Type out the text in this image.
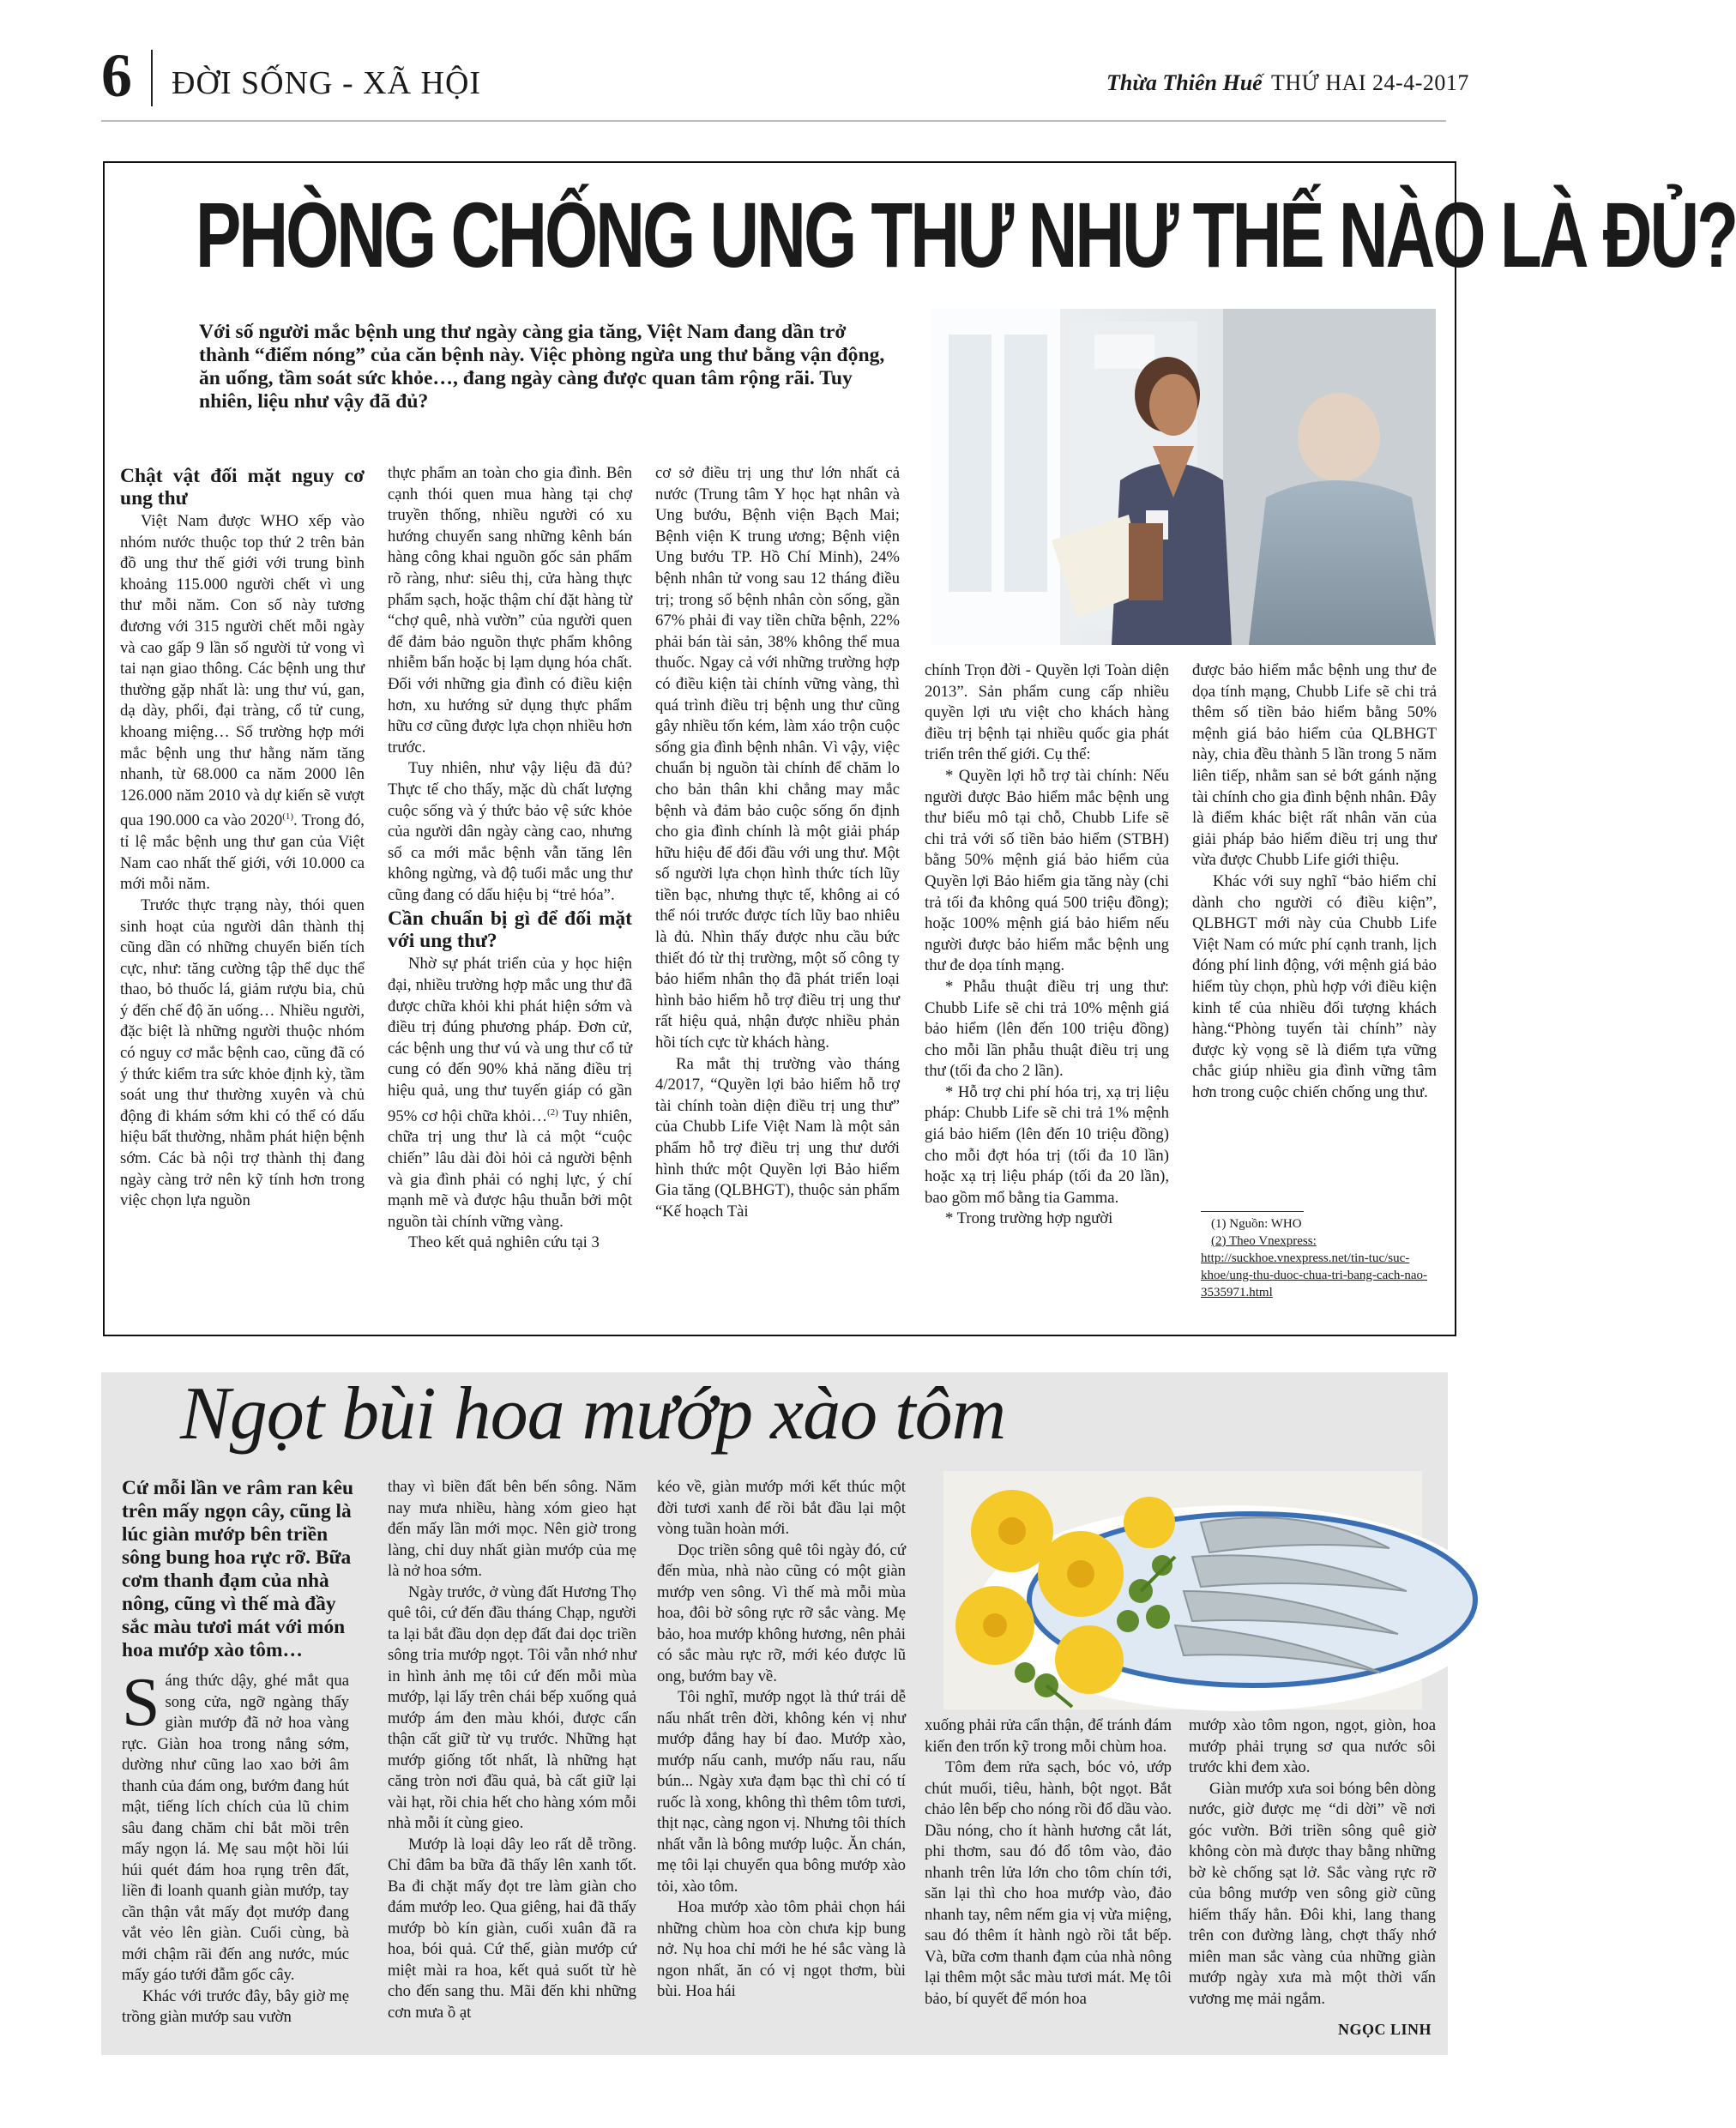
6 ĐỜI SỐNG - XÃ HỘI	Thừa Thiên Huế THỨ HAI 24-4-2017
PHÒNG CHỐNG UNG THƯ NHƯ THẾ NÀO LÀ ĐỦ?
Với số người mắc bệnh ung thư ngày càng gia tăng, Việt Nam đang dần trở thành “điểm nóng” của căn bệnh này. Việc phòng ngừa ung thư bằng vận động, ăn uống, tầm soát sức khỏe…, đang ngày càng được quan tâm rộng rãi. Tuy nhiên, liệu như vậy đã đủ?
Chật vật đối mặt nguy cơ ung thư

Việt Nam được WHO xếp vào nhóm nước thuộc top thứ 2 trên bản đồ ung thư thế giới với trung bình khoảng 115.000 người chết vì ung thư mỗi năm. Con số này tương đương với 315 người chết mỗi ngày và cao gấp 9 lần số người tử vong vì tai nạn giao thông. Các bệnh ung thư thường gặp nhất là: ung thư vú, gan, dạ dày, phổi, đại tràng, cổ tử cung, khoang miệng… Số trường hợp mới mắc bệnh ung thư hằng năm tăng nhanh, từ 68.000 ca năm 2000 lên 126.000 năm 2010 và dự kiến sẽ vượt qua 190.000 ca vào 2020$^{(1)}$. Trong đó, tỉ lệ mắc bệnh ung thư gan của Việt Nam cao nhất thế giới, với 10.000 ca mới mỗi năm.

Trước thực trạng này, thói quen sinh hoạt của người dân thành thị cũng dần có những chuyển biến tích cực, như: tăng cường tập thể dục thể thao, bỏ thuốc lá, giảm rượu bia, chủ ý đến chế độ ăn uống… Nhiều người, đặc biệt là những người thuộc nhóm có nguy cơ mắc bệnh cao, cũng đã có ý thức kiểm tra sức khỏe định kỳ, tầm soát ung thư thường xuyên và chủ động đi khám sớm khi có thể có dấu hiệu bất thường, nhằm phát hiện bệnh sớm. Các bà nội trợ thành thị đang ngày càng trở nên kỹ tính hơn trong việc chọn lựa nguồn

thực phẩm an toàn cho gia đình. Bên cạnh thói quen mua hàng tại chợ truyền thống, nhiều người có xu hướng chuyển sang những kênh bán hàng công khai nguồn gốc sản phẩm rõ ràng, như: siêu thị, cửa hàng thực phẩm sạch, hoặc thậm chí đặt hàng từ “chợ quê, nhà vườn” của người quen để đảm bảo nguồn thực phẩm không nhiễm bẩn hoặc bị lạm dụng hóa chất. Đối với những gia đình có điều kiện hơn, xu hướng sử dụng thực phẩm hữu cơ cũng được lựa chọn nhiều hơn trước.

Tuy nhiên, như vậy liệu đã đủ? Thực tế cho thấy, mặc dù chất lượng cuộc sống và ý thức bảo vệ sức khỏe của người dân ngày càng cao, nhưng số ca mới mắc bệnh vẫn tăng lên không ngừng, và độ tuổi mắc ung thư cũng đang có dấu hiệu bị “trẻ hóa”.

Cần chuẩn bị gì để đối mặt với ung thư?

Nhờ sự phát triển của y học hiện đại, nhiều trường hợp mắc ung thư đã được chữa khỏi khi phát hiện sớm và điều trị đúng phương pháp. Đơn cử, các bệnh ung thư vú và ung thư cổ tử cung có đến 90% khả năng điều trị hiệu quả, ung thư tuyến giáp có gần 95% cơ hội chữa khỏi…$^{(2)}$ Tuy nhiên, chữa trị ung thư là cả một “cuộc chiến” lâu dài đòi hỏi cả người bệnh và gia đình phải có nghị lực, ý chí mạnh mẽ và được hậu thuẫn bởi một nguồn tài chính vững vàng.

Theo kết quả nghiên cứu tại 3

cơ sở điều trị ung thư lớn nhất cả nước (Trung tâm Y học hạt nhân và Ung bướu, Bệnh viện Bạch Mai; Bệnh viện K trung ương; Bệnh viện Ung bướu TP. Hồ Chí Minh), 24% bệnh nhân tử vong sau 12 tháng điều trị; trong số bệnh nhân còn sống, gần 67% phải đi vay tiền chữa bệnh, 22% phải bán tài sản, 38% không thể mua thuốc. Ngay cả với những trường hợp có điều kiện tài chính vững vàng, thì quá trình điều trị bệnh ung thư cũng gây nhiều tốn kém, làm xáo trộn cuộc sống gia đình bệnh nhân. Vì vậy, việc chuẩn bị nguồn tài chính để chăm lo cho bản thân khi chẳng may mắc bệnh và đảm bảo cuộc sống ổn định cho gia đình chính là một giải pháp hữu hiệu để đối đầu với ung thư. Một số người lựa chọn hình thức tích lũy tiền bạc, nhưng thực tế, không ai có thể nói trước được tích lũy bao nhiêu là đủ. Nhìn thấy được nhu cầu bức thiết đó từ thị trường, một số công ty bảo hiểm nhân thọ đã phát triển loại hình bảo hiểm hỗ trợ điều trị ung thư rất hiệu quả, nhận được nhiều phản hồi tích cực từ khách hàng.

Ra mắt thị trường vào tháng 4/2017, “Quyền lợi bảo hiểm hỗ trợ tài chính toàn diện điều trị ung thư” của Chubb Life Việt Nam là một sản phẩm hỗ trợ điều trị ung thư dưới hình thức một Quyền lợi Bảo hiểm Gia tăng (QLBHGT), thuộc sản phẩm “Kế hoạch Tài

chính Trọn đời - Quyền lợi Toàn diện 2013”. Sản phẩm cung cấp nhiều quyền lợi ưu việt cho khách hàng điều trị bệnh tại nhiều quốc gia phát triển trên thế giới. Cụ thể:

* Quyền lợi hỗ trợ tài chính: Nếu người được Bảo hiểm mắc bệnh ung thư biểu mô tại chỗ, Chubb Life sẽ chi trả với số tiền bảo hiểm (STBH) bằng 50% mệnh giá bảo hiểm của Quyền lợi Bảo hiểm gia tăng này (chi trả tối đa không quá 500 triệu đồng); hoặc 100% mệnh giá bảo hiểm nếu người được bảo hiểm mắc bệnh ung thư đe dọa tính mạng.

* Phẫu thuật điều trị ung thư: Chubb Life sẽ chi trả 10% mệnh giá bảo hiểm (lên đến 100 triệu đồng) cho mỗi lần phẫu thuật điều trị ung thư (tối đa cho 2 lần).

* Hỗ trợ chi phí hóa trị, xạ trị liệu pháp: Chubb Life sẽ chi trả 1% mệnh giá bảo hiểm (lên đến 10 triệu đồng) cho mỗi đợt hóa trị (tối đa 10 lần) hoặc xạ trị liệu pháp (tối đa 20 lần), bao gồm mổ bằng tia Gamma.

* Trong trường hợp người

được bảo hiểm mắc bệnh ung thư đe dọa tính mạng, Chubb Life sẽ chi trả thêm số tiền bảo hiểm bằng 50% mệnh giá bảo hiểm của QLBHGT này, chia đều thành 5 lần trong 5 năm liên tiếp, nhằm san sẻ bớt gánh nặng tài chính cho gia đình bệnh nhân. Đây là điểm khác biệt rất nhân văn của giải pháp bảo hiểm điều trị ung thư vừa được Chubb Life giới thiệu.

Khác với suy nghĩ “bảo hiểm chỉ dành cho người có điều kiện”, QLBHGT mới này của Chubb Life Việt Nam có mức phí cạnh tranh, lịch đóng phí linh động, với mệnh giá bảo hiểm tùy chọn, phù hợp với điều kiện kinh tế của nhiều đối tượng khách hàng.“Phòng tuyến tài chính” này được kỳ vọng sẽ là điểm tựa vững chắc giúp nhiều gia đình vững tâm hơn trong cuộc chiến chống ung thư.

(1) Nguồn: WHO

(2) Theo Vnexpress: http://suckhoe.vnexpress.net/tin-tuc/suc-khoe/ung-thu-duoc-chua-tri-bang-cach-nao-3535971.html

Ngọt bùi hoa mướp xào tôm
Cứ mỗi lần ve râm ran kêu trên mấy ngọn cây, cũng là lúc giàn mướp bên triền sông bung hoa rực rỡ. Bữa cơm thanh đạm của nhà nông, cũng vì thế mà đầy sắc màu tươi mát với món hoa mướp xào tôm…

Sáng thức dậy, ghé mắt qua song cửa, ngỡ ngàng thấy giàn mướp đã nở hoa vàng rực. Giàn hoa trong nắng sớm, dường như cũng lao xao bởi âm thanh của đám ong, bướm đang hút mật, tiếng lích chích của lũ chim sâu đang chăm chỉ bắt mồi trên mấy ngọn lá. Mẹ sau một hồi lúi húi quét đám hoa rụng trên đất, liền đi loanh quanh giàn mướp, tay cần thận vắt mấy đọt mướp đang vắt vẻo lên giàn. Cuối cùng, bà mới chậm rãi đến ang nước, múc mấy gáo tưới đẫm gốc cây.

Khác với trước đây, bây giờ mẹ trồng giàn mướp sau vườn

thay vì biền đất bên bến sông. Năm nay mưa nhiều, hàng xóm gieo hạt đến mấy lần mới mọc. Nên giờ trong làng, chỉ duy nhất giàn mướp của mẹ là nở hoa sớm.

Ngày trước, ở vùng đất Hương Thọ quê tôi, cứ đến đầu tháng Chạp, người ta lại bắt đầu dọn dẹp đất đai dọc triền sông trỉa mướp ngọt. Tôi vẫn nhớ như in hình ảnh mẹ tôi cứ đến mỗi mùa mướp, lại lấy trên chái bếp xuống quả mướp ám đen màu khói, được cẩn thận cất giữ từ vụ trước. Những hạt mướp giống tốt nhất, là những hạt căng tròn nơi đầu quả, bà cất giữ lại vài hạt, rồi chia hết cho hàng xóm mỗi nhà mỗi ít cùng gieo.

Mướp là loại dây leo rất dễ trồng. Chỉ đâm ba bữa đã thấy lên xanh tốt. Ba đi chặt mấy đọt tre làm giàn cho đám mướp leo. Qua giêng, hai đã thấy mướp bò kín giàn, cuối xuân đã ra hoa, bói quả. Cứ thế, giàn mướp cứ miệt mài ra hoa, kết quả suốt từ hè cho đến sang thu. Mãi đến khi những cơn mưa ồ ạt

kéo về, giàn mướp mới kết thúc một đời tươi xanh để rồi bắt đầu lại một vòng tuần hoàn mới.

Dọc triền sông quê tôi ngày đó, cứ đến mùa, nhà nào cũng có một giàn mướp ven sông. Vì thế mà mỗi mùa hoa, đôi bờ sông rực rỡ sắc vàng. Mẹ bảo, hoa mướp không hương, nên phải có sắc màu rực rỡ, mới kéo được lũ ong, bướm bay về.

Tôi nghĩ, mướp ngọt là thứ trái dễ nấu nhất trên đời, không kén vị như mướp đắng hay bí đao. Mướp xào, mướp nấu canh, mướp nấu rau, nấu bún... Ngày xưa đạm bạc thì chỉ có tí ruốc là xong, không thì thêm tôm tươi, thịt nạc, càng ngon vị. Nhưng tôi thích nhất vẫn là bông mướp luộc. Ăn chán, mẹ tôi lại chuyển qua bông mướp xào tỏi, xào tôm.

Hoa mướp xào tôm phải chọn hái những chùm hoa còn chưa kịp bung nở. Nụ hoa chỉ mới he hé sắc vàng là ngon nhất, ăn có vị ngọt thơm, bùi bùi. Hoa hái

xuống phải rửa cẩn thận, để tránh đám kiến đen trốn kỹ trong mỗi chùm hoa.

Tôm đem rửa sạch, bóc vỏ, ướp chút muối, tiêu, hành, bột ngọt. Bắt chảo lên bếp cho nóng rồi đổ dầu vào. Dầu nóng, cho ít hành hương cắt lát, phi thơm, sau đó đổ tôm vào, đảo nhanh trên lửa lớn cho tôm chín tới, săn lại thì cho hoa mướp vào, đảo nhanh tay, nêm nếm gia vị vừa miệng, sau đó thêm ít hành ngò rồi tắt bếp. Và, bữa cơm thanh đạm của nhà nông lại thêm một sắc màu tươi mát. Mẹ tôi bảo, bí quyết để món hoa

mướp xào tôm ngon, ngọt, giòn, hoa mướp phải trụng sơ qua nước sôi trước khi đem xào.

Giàn mướp xưa soi bóng bên dòng nước, giờ được mẹ “di dời” về nơi góc vườn. Bởi triền sông quê giờ không còn mà được thay bằng những bờ kè chống sạt lở. Sắc vàng rực rỡ của bông mướp ven sông giờ cũng hiếm thấy hẳn. Đôi khi, lang thang trên con đường làng, chợt thấy nhớ miên man sắc vàng của những giàn mướp ngày xưa mà một thời vấn vương mẹ mải ngắm.

NGỌC LINH
